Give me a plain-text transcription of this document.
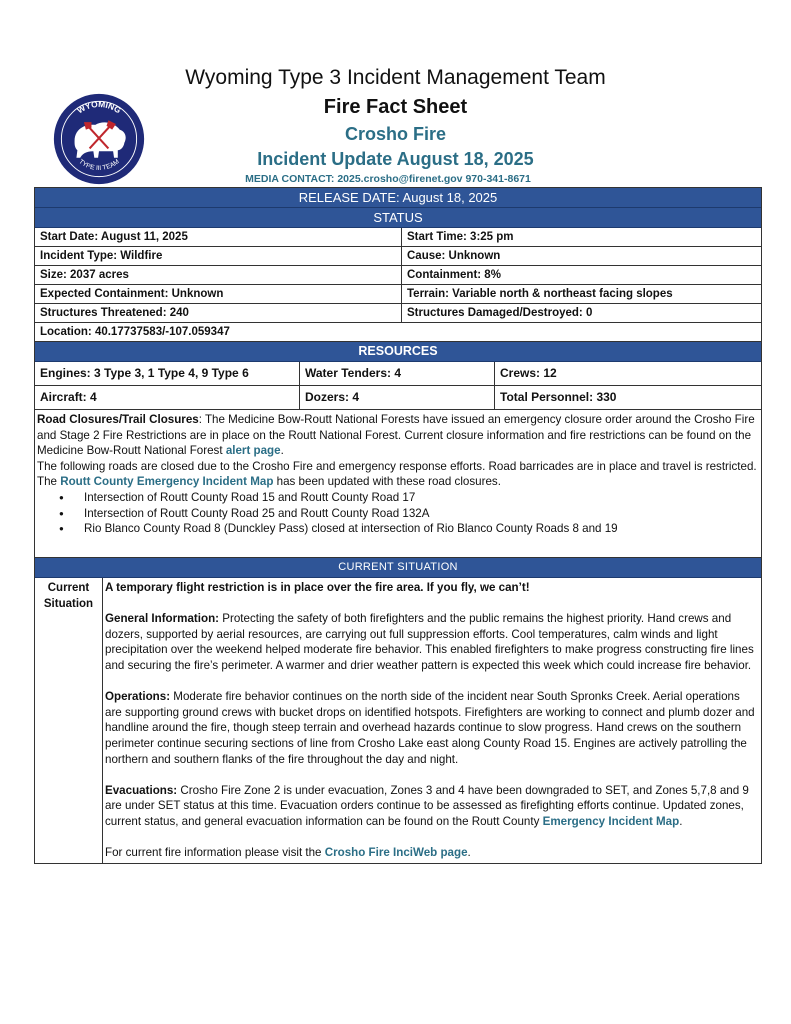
WYOMING
TYPE III TEAM
Wyoming Type 3 Incident Management Team
Fire Fact Sheet
Crosho Fire
Incident Update August 18, 2025
MEDIA CONTACT: 2025.crosho@firenet.gov 970-341-8671
RELEASE DATE: August 18, 2025
STATUS
Start Date: August 11, 2025	Start Time: 3:25 pm
Incident Type: Wildfire	Cause: Unknown
Size: 2037 acres	Containment: 8%
Expected Containment: Unknown	Terrain: Variable north & northeast facing slopes
Structures Threatened: 240	Structures Damaged/Destroyed: 0
Location: 40.17737583/-107.059347
RESOURCES
Engines: 3 Type 3, 1 Type 4, 9 Type 6	Water Tenders: 4	Crews: 12
Aircraft: 4	Dozers: 4	Total Personnel: 330
Road Closures/Trail Closures: The Medicine Bow-Routt National Forests have issued an emergency closure order around the Crosho Fire and Stage 2 Fire Restrictions are in place on the Routt National Forest. Current closure information and fire restrictions can be found on the Medicine Bow-Routt National Forest alert page.
The following roads are closed due to the Crosho Fire and emergency response efforts. Road barricades are in place and travel is restricted. The Routt County Emergency Incident Map has been updated with these road closures.
● Intersection of Routt County Road 15 and Routt County Road 17
● Intersection of Routt County Road 25 and Routt County Road 132A
● Rio Blanco County Road 8 (Dunckley Pass) closed at intersection of Rio Blanco County Roads 8 and 19
CURRENT SITUATION
Current Situation

A temporary flight restriction is in place over the fire area. If you fly, we can’t!

General Information: Protecting the safety of both firefighters and the public remains the highest priority. Hand crews and dozers, supported by aerial resources, are carrying out full suppression efforts. Cool temperatures, calm winds and light precipitation over the weekend helped moderate fire behavior. This enabled firefighters to make progress constructing fire lines and securing the fire’s perimeter. A warmer and drier weather pattern is expected this week which could increase fire behavior.

Operations: Moderate fire behavior continues on the north side of the incident near South Spronks Creek. Aerial operations are supporting ground crews with bucket drops on identified hotspots. Firefighters are working to connect and plumb dozer and handline around the fire, though steep terrain and overhead hazards continue to slow progress. Hand crews on the southern perimeter continue securing sections of line from Crosho Lake east along County Road 15. Engines are actively patrolling the northern and southern flanks of the fire throughout the day and night.

Evacuations: Crosho Fire Zone 2 is under evacuation, Zones 3 and 4 have been downgraded to SET, and Zones 5,7,8 and 9 are under SET status at this time. Evacuation orders continue to be assessed as firefighting efforts continue. Updated zones, current status, and general evacuation information can be found on the Routt County Emergency Incident Map.

For current fire information please visit the Crosho Fire InciWeb page.
